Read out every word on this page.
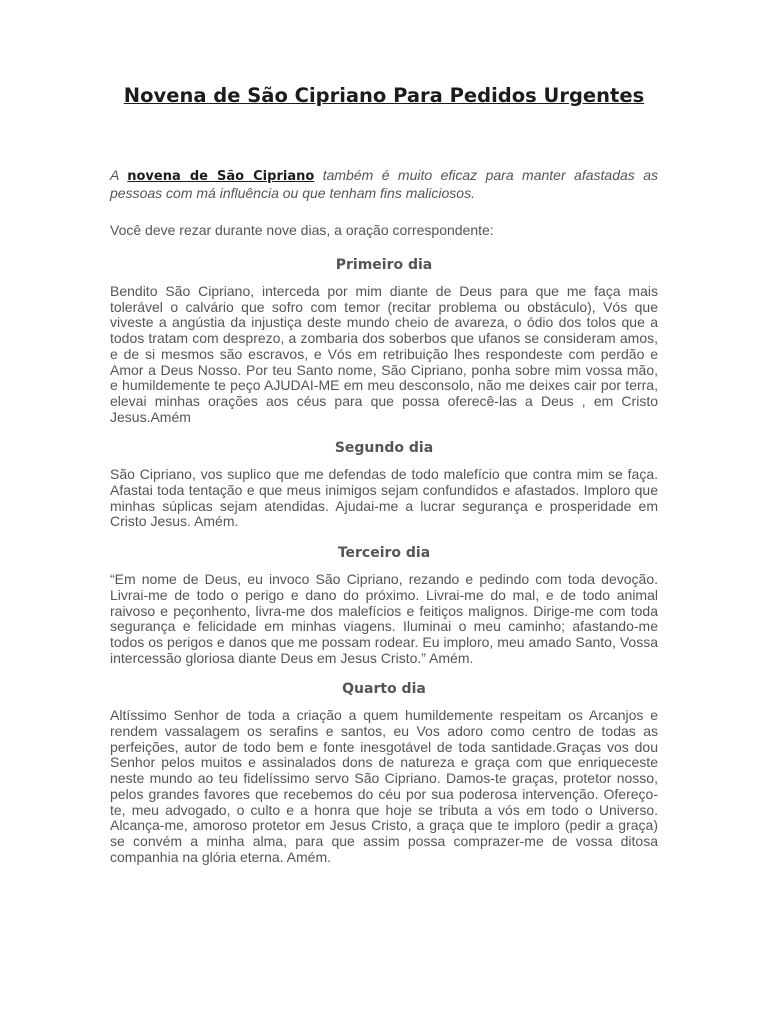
Novena de São Cipriano Para Pedidos Urgentes

A novena de São Cipriano também é muito eficaz para manter afastadas as pessoas com má influência ou que tenham fins maliciosos.

Você deve rezar durante nove dias, a oração correspondente:

Primeiro dia

Bendito São Cipriano, interceda por mim diante de Deus para que me faça mais tolerável o calvário que sofro com temor (recitar problema ou obstáculo), Vós que viveste a angústia da injustiça deste mundo cheio de avareza, o ódio dos tolos que a todos tratam com desprezo, a zombaria dos soberbos que ufanos se consideram amos, e de si mesmos são escravos, e Vós em retribuição lhes respondeste com perdão e Amor a Deus Nosso. Por teu Santo nome, São Cipriano, ponha sobre mim vossa mão, e humildemente te peço AJUDAI-ME em meu desconsolo, não me deixes cair por terra, elevai minhas orações aos céus para que possa oferecê-las a Deus , em Cristo Jesus.Amém

Segundo dia

São Cipriano, vos suplico que me defendas de todo malefício que contra mim se faça. Afastai toda tentação e que meus inimigos sejam confundidos e afastados. Imploro que minhas súplicas sejam atendidas. Ajudai-me a lucrar segurança e prosperidade em Cristo Jesus. Amém.

Terceiro dia

“Em nome de Deus, eu invoco São Cipriano, rezando e pedindo com toda devoção. Livrai-me de todo o perigo e dano do próximo. Livrai-me do mal, e de todo animal raivoso e peçonhento, livra-me dos malefícios e feitiços malignos. Dirige-me com toda segurança e felicidade em minhas viagens. Iluminai o meu caminho; afastando-me todos os perigos e danos que me possam rodear. Eu imploro, meu amado Santo, Vossa intercessão gloriosa diante Deus em Jesus Cristo.” Amém.

Quarto dia

Altíssimo Senhor de toda a criação a quem humildemente respeitam os Arcanjos e rendem vassalagem os serafins e santos, eu Vos adoro como centro de todas as perfeições, autor de todo bem e fonte inesgotável de toda santidade.Graças vos dou Senhor pelos muitos e assinalados dons de natureza e graça com que enriqueceste neste mundo ao teu fidelíssimo servo São Cipriano. Damos-te graças, protetor nosso, pelos grandes favores que recebemos do céu por sua poderosa intervenção. Ofereço-te, meu advogado, o culto e a honra que hoje se tributa a vós em todo o Universo. Alcança-me, amoroso protetor em Jesus Cristo, a graça que te imploro (pedir a graça) se convém a minha alma, para que assim possa comprazer-me de vossa ditosa companhia na glória eterna. Amém.
